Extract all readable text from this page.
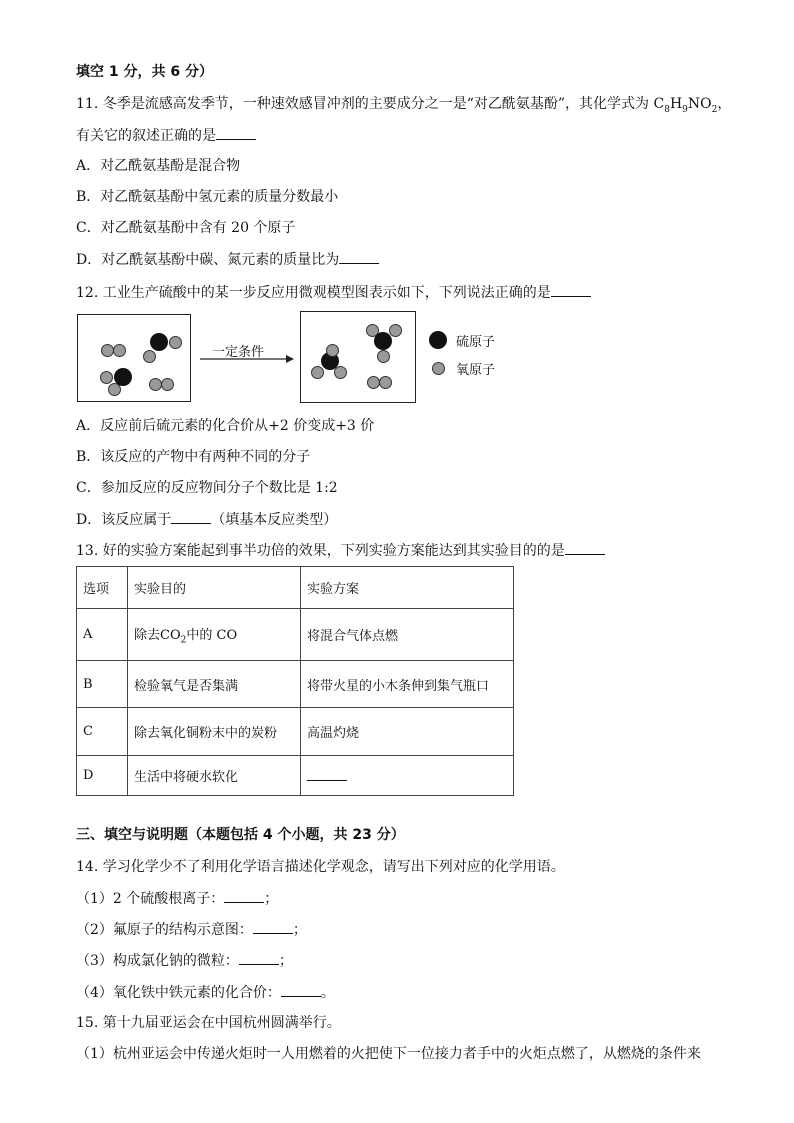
填空 1 分，共 6 分）
11. 冬季是流感高发季节，一种速效感冒冲剂的主要成分之一是“对乙酰氨基酚”，其化学式为 $C_8H_9NO_2$，
有关它的叙述正确的是
A．对乙酰氨基酚是混合物
B．对乙酰氨基酚中氢元素的质量分数最小
C．对乙酰氨基酚中含有 20 个原子
D．对乙酰氨基酚中碳、氮元素的质量比为
12. 工业生产硫酸中的某一步反应用微观模型图表示如下，下列说法正确的是
一定条件
硫原子
氧原子
A．反应前后硫元素的化合价从+2 价变成+3 价
B．该反应的产物中有两种不同的分子
C．参加反应的反应物间分子个数比是 1:2
D．该反应属于	（填基本反应类型）
13. 好的实验方案能起到事半功倍的效果，下列实验方案能达到其实验目的的是
选项	实验目的	实验方案
A	除去$CO_2$中的 CO	将混合气体点燃
B	检验氧气是否集满	将带火星的小木条伸到集气瓶口
C	除去氧化铜粉末中的炭粉	高温灼烧
D	生活中将硬水软化	
三、填空与说明题（本题包括 4 个小题，共 23 分）
14. 学习化学少不了利用化学语言描述化学观念，请写出下列对应的化学用语。
（1）2 个硫酸根离子：	；
（2）氟原子的结构示意图：	；
（3）构成氯化钠的微粒：	；
（4）氧化铁中铁元素的化合价：	。
15. 第十九届亚运会在中国杭州圆满举行。
（1）杭州亚运会中传递火炬时一人用燃着的火把使下一位接力者手中的火炬点燃了，从燃烧的条件来
